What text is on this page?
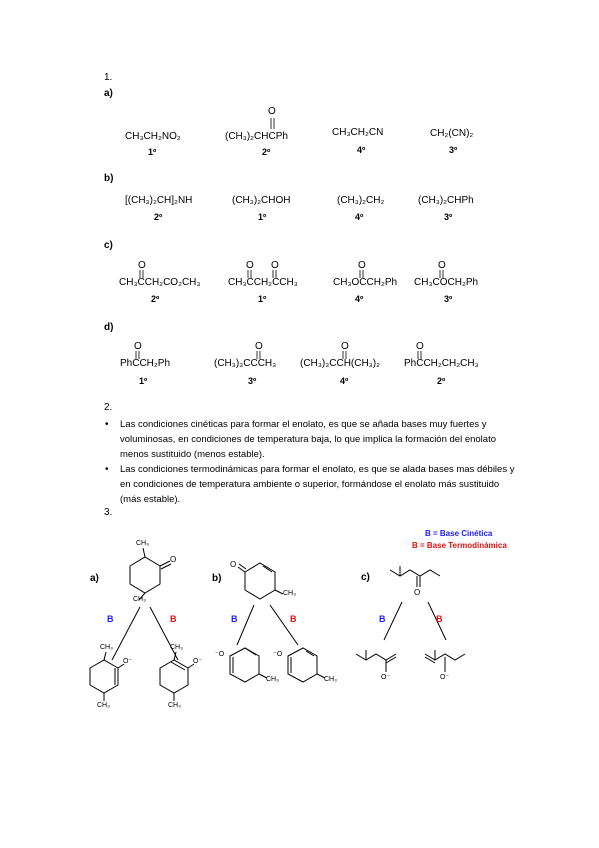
1.
a)
CH₃CH₂NO₂
1º
O
(CH₃)₂CHCPh
2º
CH₃CH₂CN
4º
CH₂(CN)₂
3º
b)
[(CH₃)₂CH]₂NH
2º
(CH₃)₂CHOH
1º
(CH₃)₂CH₂
4º
(CH₃)₂CHPh
3º
c)
O
CH₃CCH₂CO₂CH₃
2º
O O
CH₃CCH₂CCH₃
1º
O
CH₃OCCH₂Ph
4º
O
CH₃COCH₂Ph
3º
d)
O
PhCCH₂Ph
1º
O
(CH₃)₃CCCH₃
3º
O
(CH₃)₃CCH(CH₃)₂
4º
O
PhCCH₂CH₂CH₃
2º
2.
• Las condiciones cinéticas para formar el enolato, es que se añada bases muy fuertes y voluminosas, en condiciones de temperatura baja, lo que implica la formación del enolato menos sustituido (menos estable).
• Las condiciones termodinámicas para formar el enolato, es que se alada bases mas débiles y en condiciones de temperatura ambiente o superior, formándose el enolato más sustituido (más estable).
3.
B = Base Cinética
B = Base Termodinámica
a)	b)	c)
CH₃
O
CH₃
B	B
CH₃
O⁻
CH₃
CH₃
O⁻
CH₃
O
CH₃
B	B
⁻O
CH₃
⁻O
CH₃
O
B	B
O⁻	O⁻
